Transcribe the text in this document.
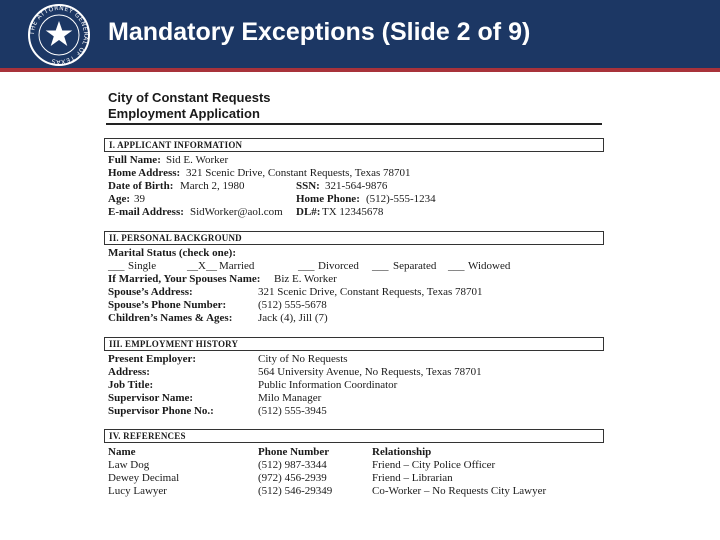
THE ATTORNEY GENERAL OF TEXAS
Mandatory Exceptions (Slide 2 of 9)
City of Constant Requests
Employment Application
I. APPLICANT INFORMATION
Full Name: Sid E. Worker
Home Address: 321 Scenic Drive, Constant Requests, Texas 78701
Date of Birth: March 2, 1980	SSN: 321-564-9876
Age: 39	Home Phone: (512)-555-1234
E-mail Address: SidWorker@aol.com DL#: TX 12345678
II. PERSONAL BACKGROUND
Marital Status (check one):
___ Single	__X__ Married	___ Divorced ___ Separated ___ Widowed
If Married, Your Spouses Name: Biz E. Worker
Spouse’s Address:	321 Scenic Drive, Constant Requests, Texas 78701
Spouse’s Phone Number:	(512) 555-5678
Children’s Names & Ages: Jack (4), Jill (7)
III. EMPLOYMENT HISTORY
Present Employer:	City of No Requests
Address:	564 University Avenue, No Requests, Texas 78701
Job Title:	Public Information Coordinator
Supervisor Name:	Milo Manager
Supervisor Phone No.:	(512) 555-3945
IV. REFERENCES
Name	Phone Number	Relationship
Law Dog	(512) 987-3344	Friend – City Police Officer
Dewey Decimal	(972) 456-2939	Friend – Librarian
Lucy Lawyer	(512) 546-29349	Co-Worker – No Requests City Lawyer
